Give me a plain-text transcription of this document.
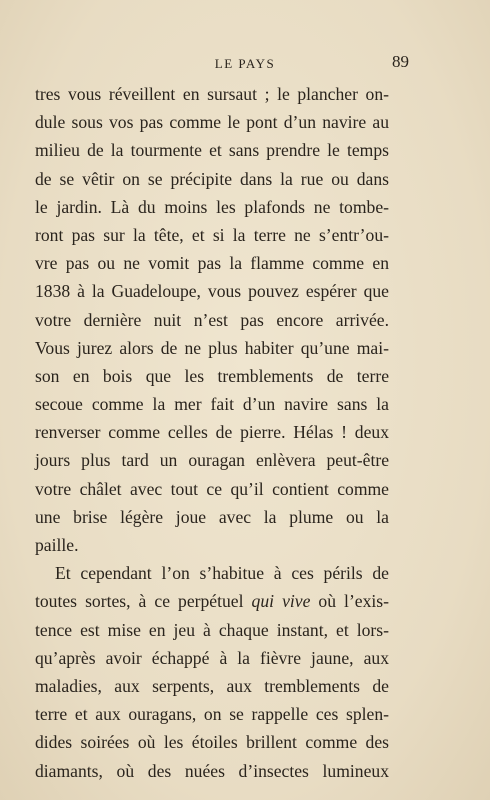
LE PAYS	89
tres vous réveillent en sursaut ; le plancher on-
dule sous vos pas comme le pont d’un navire au
milieu de la tourmente et sans prendre le temps
de se vêtir on se précipite dans la rue ou dans
le jardin. Là du moins les plafonds ne tombe-
ront pas sur la tête, et si la terre ne s’entr’ou-
vre pas ou ne vomit pas la flamme comme en
1838 à la Guadeloupe, vous pouvez espérer que
votre dernière nuit n’est pas encore arrivée.
Vous jurez alors de ne plus habiter qu’une mai-
son en bois que les tremblements de terre
secoue comme la mer fait d’un navire sans la
renverser comme celles de pierre. Hélas ! deux
jours plus tard un ouragan enlèvera peut-être
votre châlet avec tout ce qu’il contient comme
une brise légère joue avec la plume ou la
paille.
Et cependant l’on s’habitue à ces périls de
toutes sortes, à ce perpétuel qui vive où l’exis-
tence est mise en jeu à chaque instant, et lors-
qu’après avoir échappé à la fièvre jaune, aux
maladies, aux serpents, aux tremblements de
terre et aux ouragans, on se rappelle ces splen-
dides soirées où les étoiles brillent comme des
diamants, où des nuées d’insectes lumineux
